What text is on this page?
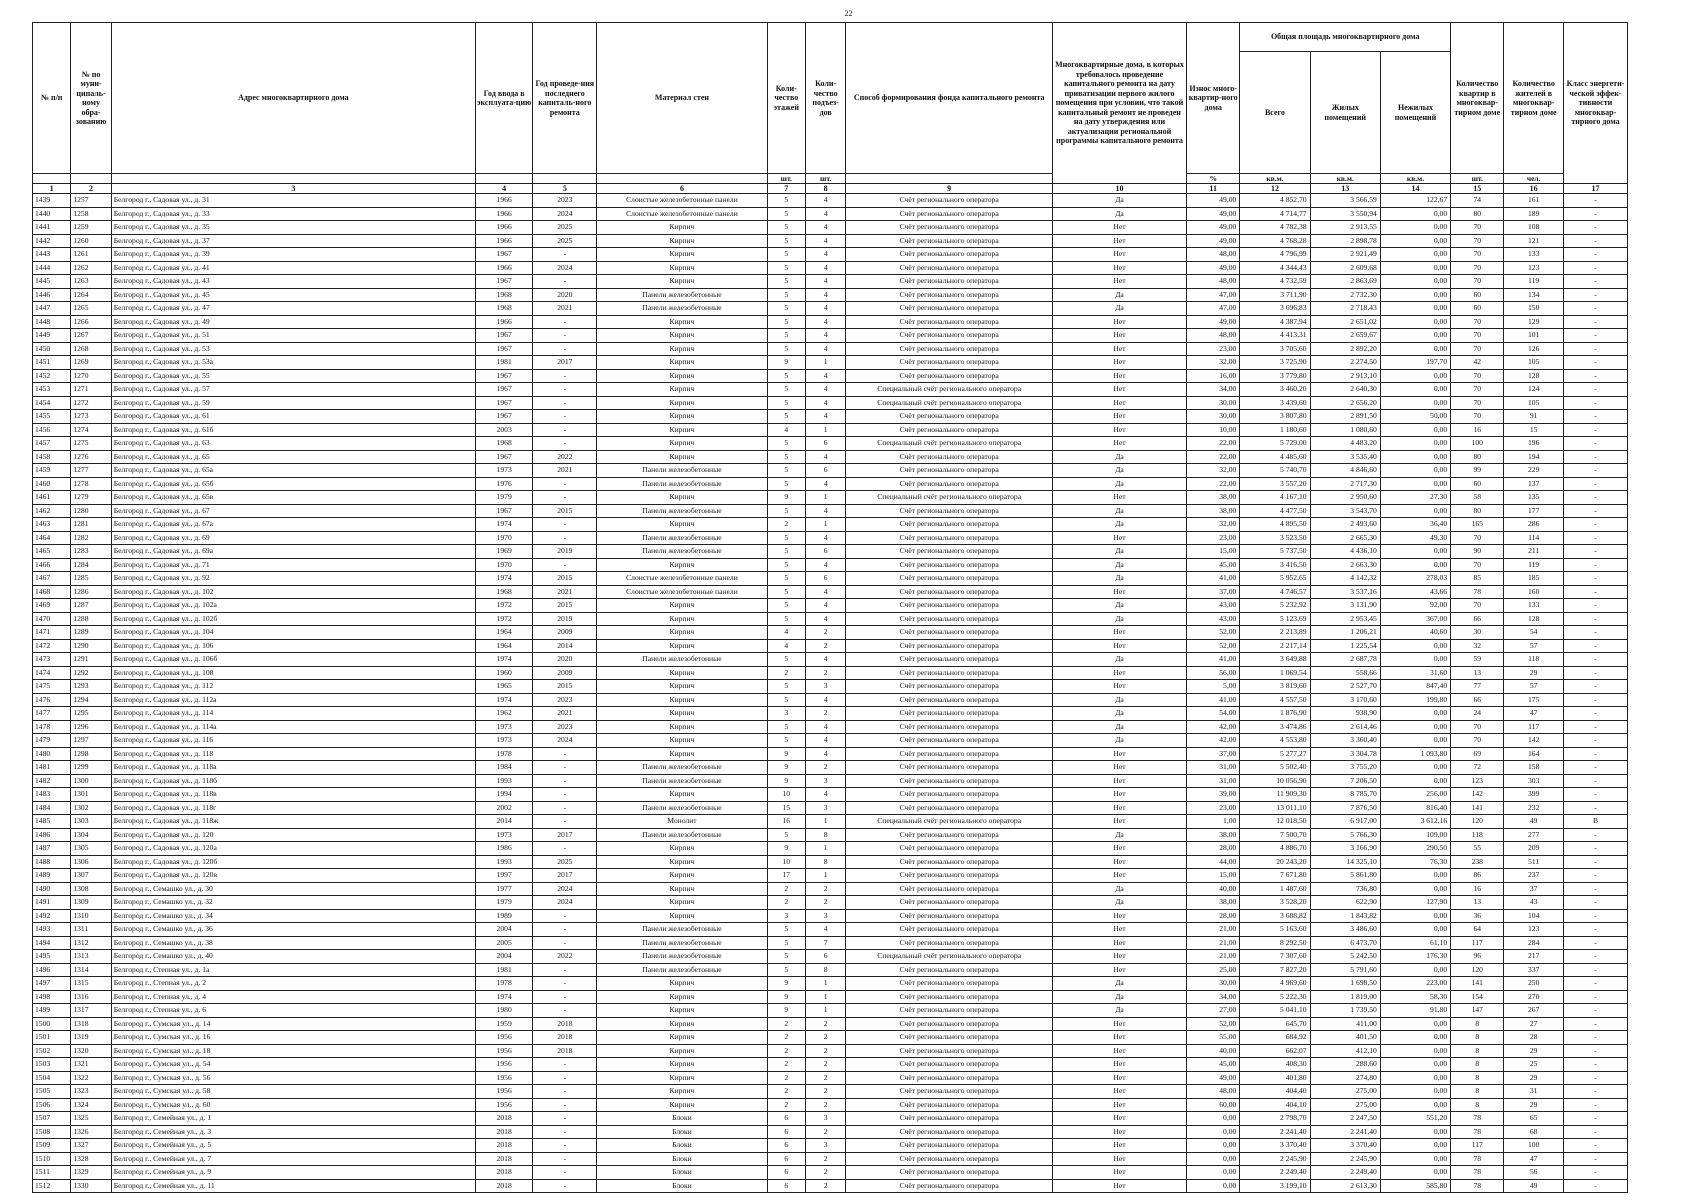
22
№ п/п	№ по муни-ципаль-ному обра-зованию	Адрес многоквартирного дома	Год ввода в эксплуата-цию	Год проведе-ния последнего капиталь-ного ремонта	Материал стен	Коли-чество этажей	Коли-чество подъез-дов	Способ формирования фонда капитального ремонта	Многоквартирные дома, в которых требовалось проведение капитального ремонта на дату приватизации первого жилого помещения при условии, что такой капитальный ремонт не проведен на дату утверждения или актуализации региональной программы капитального ремонта	Износ много-квартир-ного дома	Общая площадь многоквартирного дома			Количество квартир в многоквар-тирном доме	Количество жителей в многоквар-тирном доме	Класс энергети-ческой эффек-тивности многоквар-тирного дома
											Всего	Жилых помещений	Нежилых помещений			
						шт.	шт.			%	кв.м.	кв.м.	кв.м.	шт.	чел.	
1	2	3	4	5	6	7	8	9	10	11	12	13	14	15	16	17
1439	1257	Белгород г., Садовая ул., д. 31	1966	2023	Слоистые железобетонные панели	5	4	Счёт регионального оператора	Да	49,00	4 852,70	3 566,59	122,67	74	161	-
1440	1258	Белгород г., Садовая ул., д. 33	1966	2024	Слоистые железобетонные панели	5	4	Счёт регионального оператора	Да	49,00	4 714,77	3 550,94	0,00	80	189	-
1441	1259	Белгород г., Садовая ул., д. 35	1966	2025	Кирпич	5	4	Счёт регионального оператора	Нет	49,00	4 782,38	2 913,55	0,00	70	108	-
1442	1260	Белгород г., Садовая ул., д. 37	1966	2025	Кирпич	5	4	Счёт регионального оператора	Нет	49,00	4 768,28	2 898,78	0,00	70	121	-
1443	1261	Белгород г., Садовая ул., д. 39	1967	-	Кирпич	5	4	Счёт регионального оператора	Нет	48,00	4 796,99	2 921,49	0,00	70	133	-
1444	1262	Белгород г., Садовая ул., д. 41	1966	2024	Кирпич	5	4	Счёт регионального оператора	Нет	49,00	4 344,43	2 609,68	0,00	70	123	-
1445	1263	Белгород г., Садовая ул., д. 43	1967	-	Кирпич	5	4	Счёт регионального оператора	Нет	48,00	4 732,59	2 863,69	0,00	70	119	-
1446	1264	Белгород г., Садовая ул., д. 45	1968	2020	Панели железобетонные	5	4	Счёт регионального оператора	Да	47,00	3 711,90	2 732,30	0,00	60	134	-
1447	1265	Белгород г., Садовая ул., д. 47	1968	2021	Панели железобетонные	5	4	Счёт регионального оператора	Да	47,00	3 696,83	2 718,43	0,00	60	150	-
1448	1266	Белгород г., Садовая ул., д. 49	1966	-	Кирпич	5	4	Счёт регионального оператора	Нет	49,00	4 387,94	2 651,02	0,00	70	129	-
1449	1267	Белгород г., Садовая ул., д. 51	1967	-	Кирпич	5	4	Счёт регионального оператора	Нет	48,00	4 413,31	2 659,67	0,00	70	101	-
1450	1268	Белгород г., Садовая ул., д. 53	1967	-	Кирпич	5	4	Счёт регионального оператора	Нет	23,00	3 705,60	2 892,20	0,00	70	126	-
1451	1269	Белгород г., Садовая ул., д. 53а	1981	2017	Кирпич	9	1	Счёт регионального оператора	Нет	32,00	3 725,90	2 274,50	197,70	42	105	-
1452	1270	Белгород г., Садовая ул., д. 55	1967	-	Кирпич	5	4	Счёт регионального оператора	Нет	16,00	3 779,80	2 913,10	0,00	70	128	-
1453	1271	Белгород г., Садовая ул., д. 57	1967	-	Кирпич	5	4	Специальный счёт регионального оператора	Нет	34,00	3 460,20	2 640,30	0,00	70	124	-
1454	1272	Белгород г., Садовая ул., д. 59	1967	-	Кирпич	5	4	Специальный счёт регионального оператора	Нет	30,00	3 439,60	2 656,20	0,00	70	105	-
1455	1273	Белгород г., Садовая ул., д. 61	1967	-	Кирпич	5	4	Счёт регионального оператора	Нет	30,00	3 807,80	2 891,50	50,00	70	91	-
1456	1274	Белгород г., Садовая ул., д. 61б	2003	-	Кирпич	4	1	Счёт регионального оператора	Нет	10,00	1 180,60	1 080,60	0,00	16	15	-
1457	1275	Белгород г., Садовая ул., д. 63	1968	-	Кирпич	5	6	Специальный счёт регионального оператора	Нет	22,00	5 729,00	4 483,20	0,00	100	196	-
1458	1276	Белгород г., Садовая ул., д. 65	1967	2022	Кирпич	5	4	Счёт регионального оператора	Да	22,00	4 485,60	3 535,40	0,00	80	194	-
1459	1277	Белгород г., Садовая ул., д. 65а	1973	2021	Панели железобетонные	5	6	Счёт регионального оператора	Да	32,00	5 740,70	4 846,60	0,00	99	229	-
1460	1278	Белгород г., Садовая ул., д. 65б	1976	-	Панели железобетонные	5	4	Счёт регионального оператора	Да	22,00	3 557,20	2 717,30	0,00	60	137	-
1461	1279	Белгород г., Садовая ул., д. 65в	1979	-	Кирпич	9	1	Специальный счёт регионального оператора	Нет	38,00	4 167,10	2 950,60	27,30	58	135	-
1462	1280	Белгород г., Садовая ул., д. 67	1967	2015	Панели железобетонные	5	4	Счёт регионального оператора	Да	38,00	4 477,50	3 543,70	0,00	80	177	-
1463	1281	Белгород г., Садовая ул., д. 67а	1974	-	Кирпич	2	1	Счёт регионального оператора	Да	32,00	4 895,50	2 493,60	36,40	165	286	-
1464	1282	Белгород г., Садовая ул., д. 69	1970	-	Панели железобетонные	5	4	Счёт регионального оператора	Нет	23,00	3 523,50	2 665,30	49,30	70	114	-
1465	1283	Белгород г., Садовая ул., д. 69а	1969	2019	Панели железобетонные	5	6	Счёт регионального оператора	Да	15,00	5 737,50	4 436,10	0,00	90	211	-
1466	1284	Белгород г., Садовая ул., д. 71	1970	-	Кирпич	5	4	Счёт регионального оператора	Да	45,00	3 416,50	2 663,30	0,00	70	119	-
1467	1285	Белгород г., Садовая ул., д. 92	1974	2015	Слоистые железобетонные панели	5	6	Счёт регионального оператора	Да	41,00	5 952,65	4 142,32	278,03	85	185	-
1468	1286	Белгород г., Садовая ул., д. 102	1968	2021	Слоистые железобетонные панели	5	4	Счёт регионального оператора	Нет	37,00	4 746,57	3 537,16	43,66	78	160	-
1469	1287	Белгород г., Садовая ул., д. 102а	1972	2015	Кирпич	5	4	Счёт регионального оператора	Да	43,00	5 232,92	3 131,90	92,00	70	133	-
1470	1288	Белгород г., Садовая ул., д. 102б	1972	2019	Кирпич	5	4	Счёт регионального оператора	Да	43,00	5 123,69	2 953,45	367,00	66	128	-
1471	1289	Белгород г., Садовая ул., д. 104	1964	2009	Кирпич	4	2	Счёт регионального оператора	Нет	52,00	2 213,89	1 206,21	40,60	30	54	-
1472	1290	Белгород г., Садовая ул., д. 106	1964	2014	Кирпич	4	2	Счёт регионального оператора	Нет	52,00	2 217,14	1 225,54	0,00	32	57	-
1473	1291	Белгород г., Садовая ул., д. 106б	1974	2020	Панели железобетонные	5	4	Счёт регионального оператора	Да	41,00	3 649,88	2 687,78	0,00	59	118	-
1474	1292	Белгород г., Садовая ул., д. 108	1960	2009	Кирпич	2	2	Счёт регионального оператора	Нет	56,00	1 069,54	558,66	31,60	13	29	-
1475	1293	Белгород г., Садовая ул., д. 112	1965	2015	Кирпич	5	3	Счёт регионального оператора	Нет	5,00	3 819,60	2 527,70	847,40	77	57	-
1476	1294	Белгород г., Садовая ул., д. 112а	1974	2023	Кирпич	5	4	Счёт регионального оператора	Да	41,00	4 557,50	3 170,60	199,80	66	175	-
1477	1295	Белгород г., Садовая ул., д. 114	1962	2021	Кирпич	3	2	Счёт регионального оператора	Да	54,00	1 876,90	938,90	0,00	24	47	-
1478	1296	Белгород г., Садовая ул., д. 114а	1973	2023	Кирпич	5	4	Счёт регионального оператора	Да	42,00	3 474,86	2 614,46	0,00	70	117	-
1479	1297	Белгород г., Садовая ул., д. 116	1973	2024	Кирпич	5	4	Счёт регионального оператора	Да	42,00	4 553,80	3 360,40	0,00	70	142	-
1480	1298	Белгород г., Садовая ул., д. 118	1978	-	Кирпич	9	4	Счёт регионального оператора	Нет	37,00	5 277,27	3 304,78	1 093,80	69	164	-
1481	1299	Белгород г., Садовая ул., д. 118а	1984	-	Панели железобетонные	9	2	Счёт регионального оператора	Нет	31,00	5 502,40	3 755,20	0,00	72	158	-
1482	1300	Белгород г., Садовая ул., д. 118б	1993	-	Панели железобетонные	9	3	Счёт регионального оператора	Нет	31,00	10 056,90	7 206,50	0,00	123	303	-
1483	1301	Белгород г., Садовая ул., д. 118в	1994	-	Кирпич	10	4	Счёт регионального оператора	Нет	39,00	11 909,30	8 785,70	256,00	142	399	-
1484	1302	Белгород г., Садовая ул., д. 118г	2002	-	Панели железобетонные	15	3	Счёт регионального оператора	Нет	23,00	13 011,10	7 876,50	816,40	141	232	-
1485	1303	Белгород г., Садовая ул., д. 118ж	2014	-	Монолит	16	1	Специальный счёт регионального оператора	Нет	1,00	12 018,50	6 917,00	3 612,16	120	49	В
1486	1304	Белгород г., Садовая ул., д. 120	1973	2017	Панели железобетонные	5	8	Счёт регионального оператора	Да	38,00	7 500,70	5 766,30	109,00	118	277	-
1487	1305	Белгород г., Садовая ул., д. 120а	1986	-	Кирпич	9	1	Счёт регионального оператора	Нет	28,00	4 886,70	3 166,90	290,50	55	209	-
1488	1306	Белгород г., Садовая ул., д. 120б	1993	2025	Кирпич	10	8	Счёт регионального оператора	Нет	44,00	20 243,20	14 325,10	76,30	238	511	-
1489	1307	Белгород г., Садовая ул., д. 120в	1997	2017	Кирпич	17	1	Счёт регионального оператора	Нет	15,00	7 671,80	5 861,80	0,00	86	237	-
1490	1308	Белгород г., Семашко ул., д. 30	1977	2024	Кирпич	2	2	Счёт регионального оператора	Да	40,00	1 487,60	736,80	0,00	16	37	-
1491	1309	Белгород г., Семашко ул., д. 32	1979	2024	Кирпич	2	2	Счёт регионального оператора	Да	38,00	3 528,20	622,90	127,90	13	43	-
1492	1310	Белгород г., Семашко ул., д. 34	1989	-	Кирпич	3	3	Счёт регионального оператора	Нет	28,00	3 688,82	1 843,82	0,00	36	104	-
1493	1311	Белгород г., Семашко ул., д. 36	2004	-	Панели железобетонные	5	4	Счёт регионального оператора	Нет	21,00	5 163,60	3 486,60	0,00	64	123	-
1494	1312	Белгород г., Семашко ул., д. 38	2005	-	Панели железобетонные	5	7	Счёт регионального оператора	Нет	21,00	8 292,50	6 473,70	61,10	117	284	-
1495	1313	Белгород г., Семашко ул., д. 40	2004	2022	Панели железобетонные	5	6	Специальный счёт регионального оператора	Нет	21,00	7 307,60	5 242,50	176,30	96	217	-
1496	1314	Белгород г., Степная ул., д. 1а	1981	-	Панели железобетонные	5	8	Счёт регионального оператора	Нет	25,00	7 827,20	5 791,60	0,00	120	337	-
1497	1315	Белгород г., Степная ул., д. 2	1978	-	Кирпич	9	1	Счёт регионального оператора	Да	30,00	4 969,60	1 698,50	223,00	141	250	-
1498	1316	Белгород г., Степная ул., д. 4	1974	-	Кирпич	9	1	Счёт регионального оператора	Да	34,00	5 222,30	1 819,00	58,30	154	270	-
1499	1317	Белгород г., Степная ул., д. 6	1980	-	Кирпич	9	1	Счёт регионального оператора	Да	27,00	5 041,10	1 739,50	91,80	147	267	-
1500	1318	Белгород г., Сумская ул., д. 14	1959	2018	Кирпич	2	2	Счёт регионального оператора	Нет	52,00	645,70	411,00	0,00	8	27	-
1501	1319	Белгород г., Сумская ул., д. 16	1956	2018	Кирпич	2	2	Счёт регионального оператора	Нет	55,00	684,92	401,50	0,00	8	28	-
1502	1320	Белгород г., Сумская ул., д. 18	1956	2018	Кирпич	2	2	Счёт регионального оператора	Нет	40,00	662,07	412,10	0,00	8	29	-
1503	1321	Белгород г., Сумская ул., д. 54	1956	-	Кирпич	2	2	Счёт регионального оператора	Нет	45,00	408,30	288,60	0,00	8	25	-
1504	1322	Белгород г., Сумская ул., д. 56	1956	-	Кирпич	2	2	Счёт регионального оператора	Нет	49,00	401,80	274,80	0,00	8	29	-
1505	1323	Белгород г., Сумская ул., д. 58	1956	-	Кирпич	2	2	Счёт регионального оператора	Нет	48,00	404,40	275,00	0,00	8	31	-
1506	1324	Белгород г., Сумская ул., д. 60	1956	-	Кирпич	2	2	Счёт регионального оператора	Нет	60,00	404,10	275,00	0,00	8	29	-
1507	1325	Белгород г., Семейная ул., д. 1	2018	-	Блоки	6	3	Счёт регионального оператора	Нет	0,00	2 798,70	2 247,50	551,20	78	65	-
1508	1326	Белгород г., Семейная ул., д. 3	2018	-	Блоки	6	2	Счёт регионального оператора	Нет	0,00	2 241,40	2 241,40	0,00	78	68	-
1509	1327	Белгород г., Семейная ул., д. 5	2018	-	Блоки	6	3	Счёт регионального оператора	Нет	0,00	3 370,40	3 370,40	0,00	117	100	-
1510	1328	Белгород г., Семейная ул., д. 7	2018	-	Блоки	6	2	Счёт регионального оператора	Нет	0,00	2 245,90	2 245,90	0,00	78	47	-
1511	1329	Белгород г., Семейная ул., д. 9	2018	-	Блоки	6	2	Счёт регионального оператора	Нет	0,00	2 249,40	2 249,40	0,00	78	56	-
1512	1330	Белгород г., Семейная ул., д. 11	2018	-	Блоки	6	2	Счёт регионального оператора	Нет	0,00	3 199,10	2 613,30	585,80	78	49	-
